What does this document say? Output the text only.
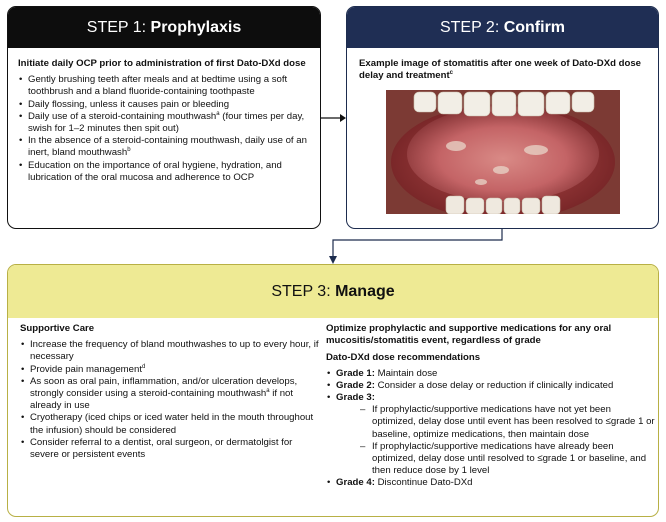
STEP 1: Prophylaxis
Initiate daily OCP prior to administration of first Dato-DXd dose
• Gently brushing teeth after meals and at bedtime using a soft toothbrush and a bland fluoride-containing toothpaste
• Daily flossing, unless it causes pain or bleeding
• Daily use of a steroid-containing mouthwash$^a$ (four times per day, swish for 1–2 minutes then spit out)
• In the absence of a steroid-containing mouthwash, daily use of an inert, bland mouthwash$^b$
• Education on the importance of oral hygiene, hydration, and lubrication of the oral mucosa and adherence to OCP
STEP 2: Confirm
Example image of stomatitis after one week of Dato-DXd dose delay and treatment$^c$
STEP 3: Manage
Supportive Care
• Increase the frequency of bland mouthwashes to up to every hour, if necessary
• Provide pain management$^d$
• As soon as oral pain, inflammation, and/or ulceration develops, strongly consider using a steroid-containing mouthwash$^a$ if not already in use
• Cryotherapy (iced chips or iced water held in the mouth throughout the infusion) should be considered
• Consider referral to a dentist, oral surgeon, or dermatolgist for severe or persistent events
Optimize prophylactic and supportive medications for any oral mucositis/stomatitis event, regardless of grade
Dato-DXd dose recommendations
• Grade 1: Maintain dose
• Grade 2: Consider a dose delay or reduction if clinically indicated
• Grade 3:
– If prophylactic/supportive medications have not yet been optimized, delay dose until event has been resolved to ≤grade 1 or baseline, optimize medications, then maintain dose
– If prophylactic/supportive medications have already been optimized, delay dose until resolved to ≤grade 1 or baseline, and then reduce dose by 1 level
• Grade 4: Discontinue Dato-DXd
